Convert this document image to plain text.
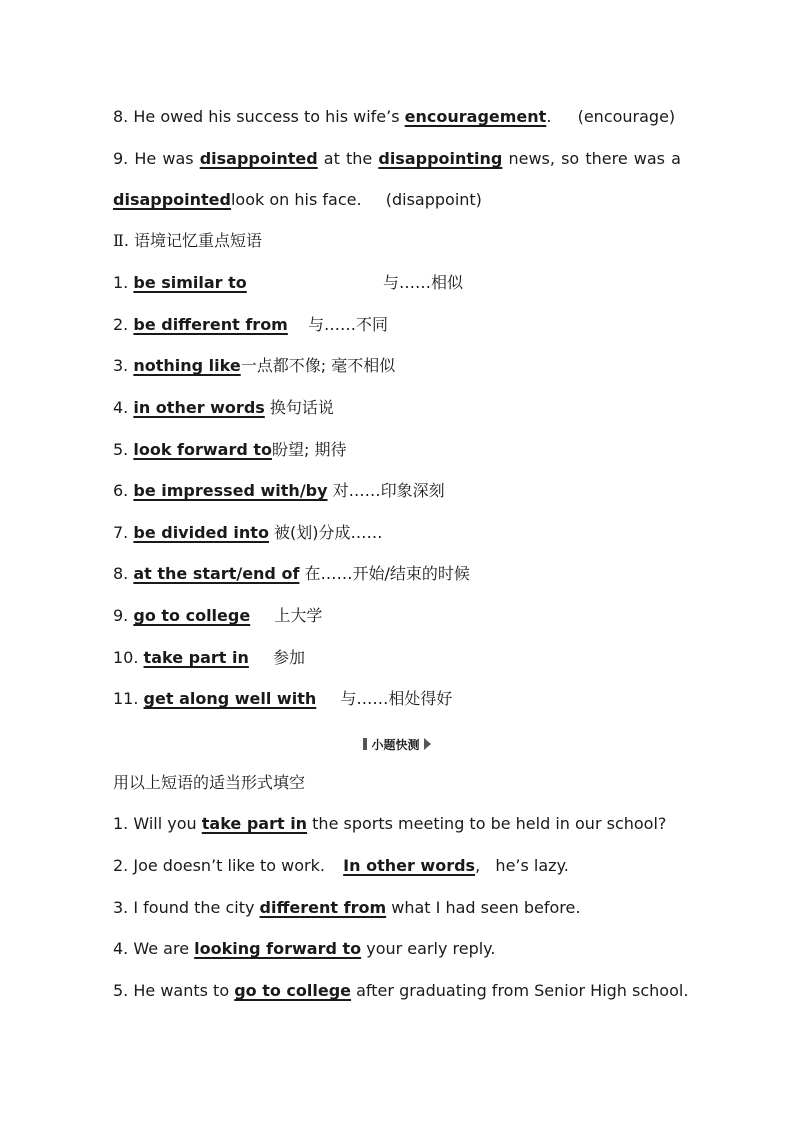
8. He owed his success to his wife’s encouragement. (encourage)
9. He was disappointed at the disappointing news, so there was a
disappointedlook on his face. (disappoint)
Ⅱ. 语境记忆重点短语
1. be similar to	与……相似
2. be different from 与……不同
3. nothing like一点都不像; 毫不相似
4. in other words 换句话说
5. look forward to盼望; 期待
6. be impressed with/by 对……印象深刻
7. be divided into 被(划)分成……
8. at the start/end of 在……开始/结束的时候
9. go to college 上大学
10. take part in 参加
11. get along well with 与……相处得好
小题快测
用以上短语的适当形式填空
1. Will you take part in the sports meeting to be held in our school?
2. Joe doesn’t like to work. In other words,   he’s lazy.
3. I found the city different from what I had seen before.
4. We are looking forward to your early reply.
5. He wants to go to college after graduating from Senior High school.
